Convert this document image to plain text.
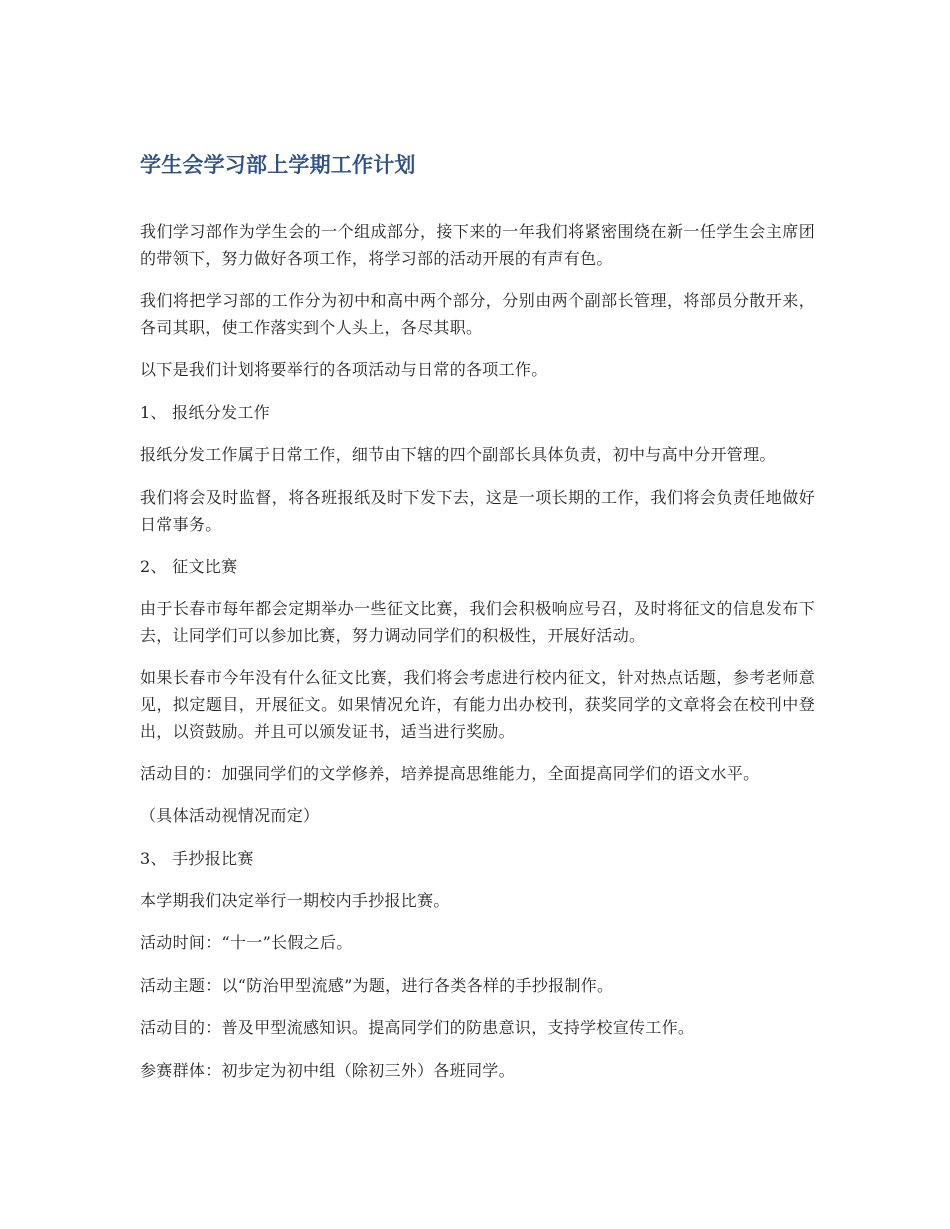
学生会学习部上学期工作计划

我们学习部作为学生会的一个组成部分，接下来的一年我们将紧密围绕在新一任学生会主席团的带领下，努力做好各项工作，将学习部的活动开展的有声有色。

我们将把学习部的工作分为初中和高中两个部分，分别由两个副部长管理，将部员分散开来，各司其职，使工作落实到个人头上，各尽其职。

以下是我们计划将要举行的各项活动与日常的各项工作。

1、 报纸分发工作

报纸分发工作属于日常工作，细节由下辖的四个副部长具体负责，初中与高中分开管理。

我们将会及时监督，将各班报纸及时下发下去，这是一项长期的工作，我们将会负责任地做好日常事务。

2、 征文比赛

由于长春市每年都会定期举办一些征文比赛，我们会积极响应号召，及时将征文的信息发布下去，让同学们可以参加比赛，努力调动同学们的积极性，开展好活动。

如果长春市今年没有什么征文比赛，我们将会考虑进行校内征文，针对热点话题，参考老师意见，拟定题目，开展征文。如果情况允许，有能力出办校刊，获奖同学的文章将会在校刊中登出，以资鼓励。并且可以颁发证书，适当进行奖励。

活动目的：加强同学们的文学修养，培养提高思维能力，全面提高同学们的语文水平。

（具体活动视情况而定）

3、 手抄报比赛

本学期我们决定举行一期校内手抄报比赛。

活动时间：“十一”长假之后。

活动主题：以“防治甲型流感”为题，进行各类各样的手抄报制作。

活动目的：普及甲型流感知识。提高同学们的防患意识，支持学校宣传工作。

参赛群体：初步定为初中组（除初三外）各班同学。
